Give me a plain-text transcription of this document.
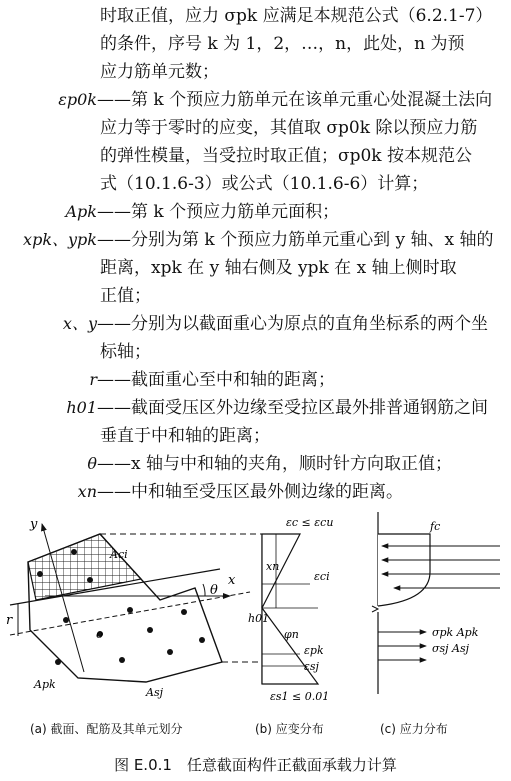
时取正值，应力 σpk 应满足本规范公式（6.2.1-7）
的条件，序号 k 为 1，2，…，n，此处，n 为预
应力筋单元数；
εp0k ——第 k 个预应力筋单元在该单元重心处混凝土法向
应力等于零时的应变，其值取 σp0k 除以预应力筋
的弹性模量，当受拉时取正值；σp0k 按本规范公
式（10.1.6-3）或公式（10.1.6-6）计算；
Apk ——第 k 个预应力筋单元面积；
xpk、ypk ——分别为第 k 个预应力筋单元重心到 y 轴、x 轴的
距离，xpk 在 y 轴右侧及 ypk 在 x 轴上侧时取
正值；
x、y ——分别为以截面重心为原点的直角坐标系的两个坐
标轴；
r ——截面重心至中和轴的距离；
h01 ——截面受压区外边缘至受拉区最外排普通钢筋之间
垂直于中和轴的距离；
θ ——x 轴与中和轴的夹角，顺时针方向取正值；
xn ——中和轴至受压区最外侧边缘的距离。
y
x
θ
r
o
Aci
Apk
Asj
εc ≤ εcu
xn
h01
εci
φn
εpk
εsj
εs1 ≤ 0.01
fc
σpk Apk
σsj Asj
(a) 截面、配筋及其单元划分	(b) 应变分布	(c) 应力分布
图 E.0.1　任意截面构件正截面承载力计算
